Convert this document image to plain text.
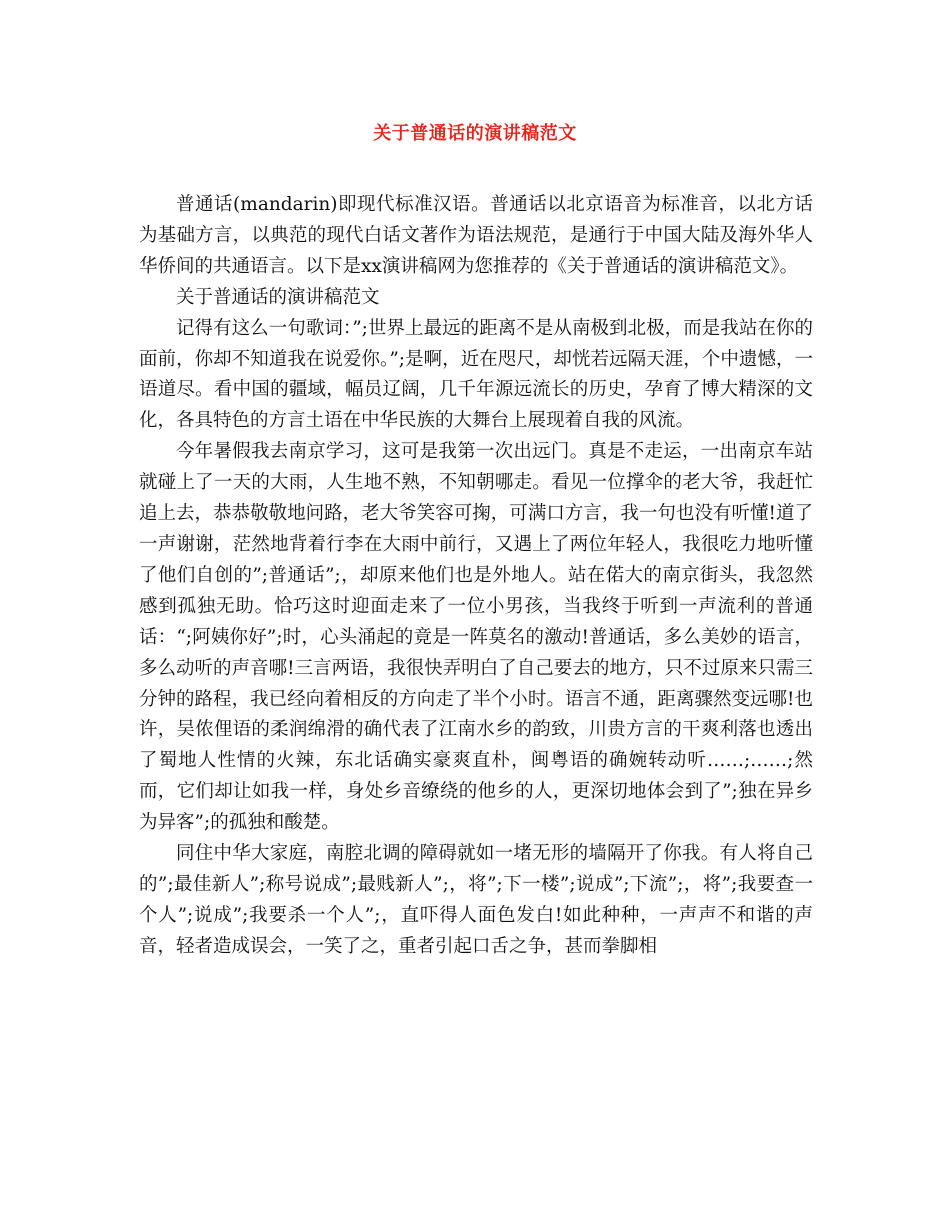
关于普通话的演讲稿范文

普通话(mandarin)即现代标准汉语。普通话以北京语音为标准音，以北方话为基础方言，以典范的现代白话文著作为语法规范，是通行于中国大陆及海外华人华侨间的共通语言。以下是xx演讲稿网为您推荐的《关于普通话的演讲稿范文》。

关于普通话的演讲稿范文

记得有这么一句歌词：”;世界上最远的距离不是从南极到北极，而是我站在你的面前，你却不知道我在说爱你。”;是啊，近在咫尺，却恍若远隔天涯，个中遗憾，一语道尽。看中国的疆域，幅员辽阔，几千年源远流长的历史，孕育了博大精深的文化，各具特色的方言土语在中华民族的大舞台上展现着自我的风流。

今年暑假我去南京学习，这可是我第一次出远门。真是不走运，一出南京车站就碰上了一天的大雨，人生地不熟，不知朝哪走。看见一位撑伞的老大爷，我赶忙追上去，恭恭敬敬地问路，老大爷笑容可掬，可满口方言，我一句也没有听懂!道了一声谢谢，茫然地背着行李在大雨中前行，又遇上了两位年轻人，我很吃力地听懂了他们自创的”;普通话”;，却原来他们也是外地人。站在偌大的南京街头，我忽然感到孤独无助。恰巧这时迎面走来了一位小男孩，当我终于听到一声流利的普通话：“;阿姨你好”;时，心头涌起的竟是一阵莫名的激动!普通话，多么美妙的语言，多么动听的声音哪!三言两语，我很快弄明白了自己要去的地方，只不过原来只需三分钟的路程，我已经向着相反的方向走了半个小时。语言不通，距离骤然变远哪!也许，吴侬俚语的柔润绵滑的确代表了江南水乡的韵致，川贵方言的干爽利落也透出了蜀地人性情的火辣，东北话确实豪爽直朴，闽粤语的确婉转动听……;……;然而，它们却让如我一样，身处乡音缭绕的他乡的人，更深切地体会到了”;独在异乡为异客”;的孤独和酸楚。

同住中华大家庭，南腔北调的障碍就如一堵无形的墙隔开了你我。有人将自己的”;最佳新人”;称号说成”;最贱新人”;，将”;下一楼”;说成”;下流”;，将”;我要查一个人”;说成”;我要杀一个人”;，直吓得人面色发白!如此种种，一声声不和谐的声音，轻者造成误会，一笑了之，重者引起口舌之争，甚而拳脚相
